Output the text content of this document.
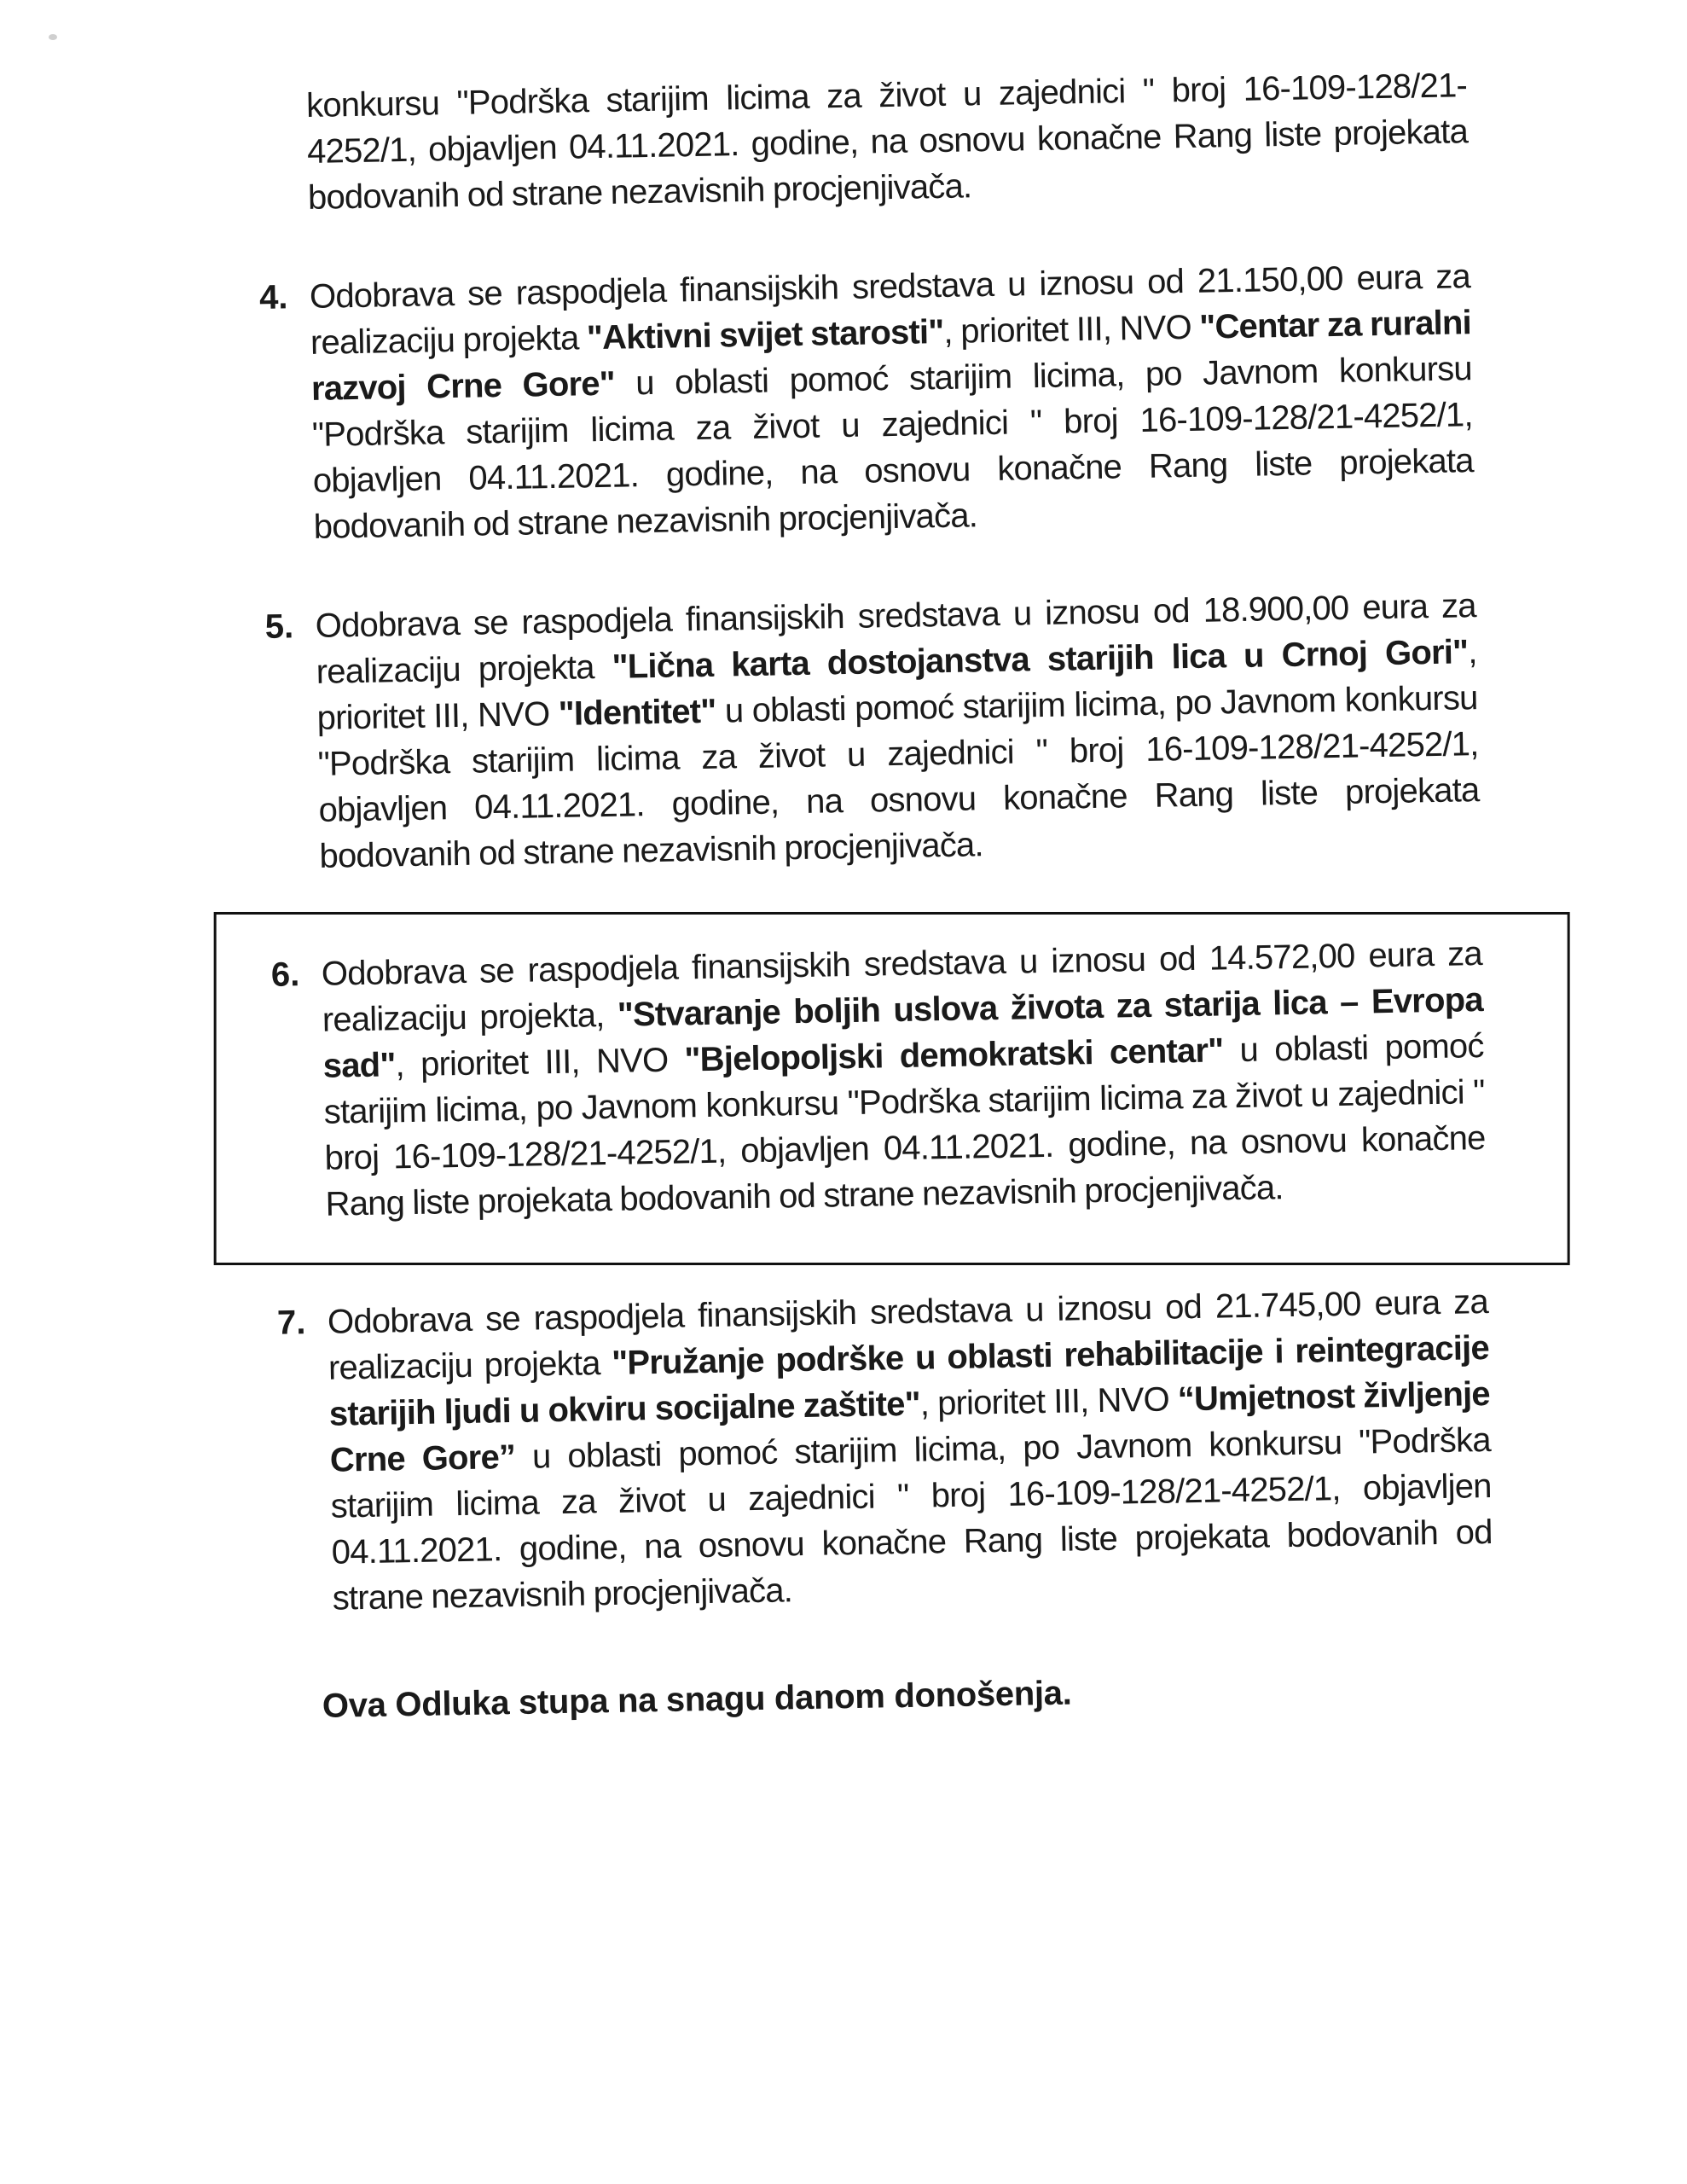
konkursu "Podrška starijim licima za život u zajednici " broj 16-109-128/21-4252/1, objavljen 04.11.2021. godine, na osnovu konačne Rang liste projekata bodovanih od strane nezavisnih procjenjivača.
4. Odobrava se raspodjela finansijskih sredstava u iznosu od 21.150,00 eura za realizaciju projekta "Aktivni svijet starosti", prioritet III, NVO "Centar za ruralni razvoj Crne Gore" u oblasti pomoć starijim licima, po Javnom konkursu "Podrška starijim licima za život u zajednici " broj 16-109-128/21-4252/1, objavljen 04.11.2021. godine, na osnovu konačne Rang liste projekata bodovanih od strane nezavisnih procjenjivača.
5. Odobrava se raspodjela finansijskih sredstava u iznosu od 18.900,00 eura za realizaciju projekta "Lična karta dostojanstva starijih lica u Crnoj Gori", prioritet III, NVO "Identitet" u oblasti pomoć starijim licima, po Javnom konkursu "Podrška starijim licima za život u zajednici " broj 16-109-128/21-4252/1, objavljen 04.11.2021. godine, na osnovu konačne Rang liste projekata bodovanih od strane nezavisnih procjenjivača.
6. Odobrava se raspodjela finansijskih sredstava u iznosu od 14.572,00 eura za realizaciju projekta, "Stvaranje boljih uslova života za starija lica – Evropa sad", prioritet III, NVO "Bjelopoljski demokratski centar" u oblasti pomoć starijim licima, po Javnom konkursu "Podrška starijim licima za život u zajednici " broj 16-109-128/21-4252/1, objavljen 04.11.2021. godine, na osnovu konačne Rang liste projekata bodovanih od strane nezavisnih procjenjivača.
7. Odobrava se raspodjela finansijskih sredstava u iznosu od 21.745,00 eura za realizaciju projekta "Pružanje podrške u oblasti rehabilitacije i reintegracije starijih ljudi u okviru socijalne zaštite", prioritet III, NVO “Umjetnost življenje Crne Gore” u oblasti pomoć starijim licima, po Javnom konkursu "Podrška starijim licima za život u zajednici " broj 16-109-128/21-4252/1, objavljen 04.11.2021. godine, na osnovu konačne Rang liste projekata bodovanih od strane nezavisnih procjenjivača.
Ova Odluka stupa na snagu danom donošenja.
